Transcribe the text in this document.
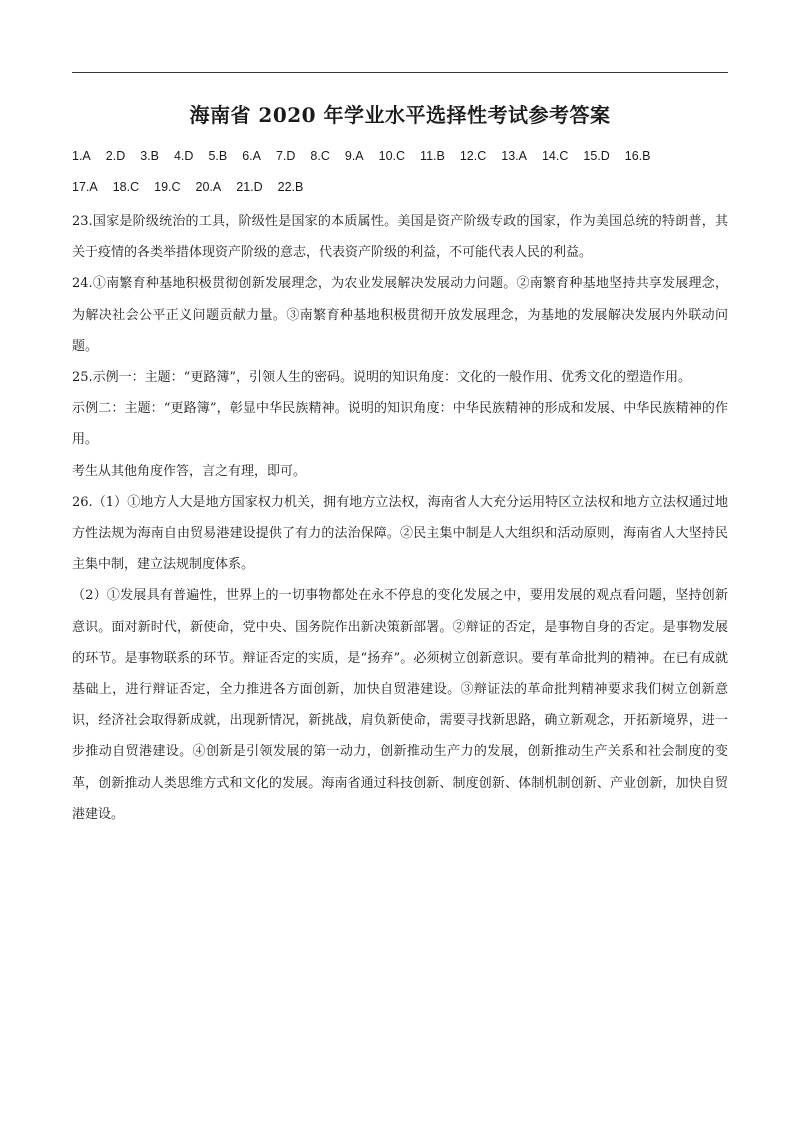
海南省 2020 年学业水平选择性考试参考答案
1.A 2.D 3.B 4.D 5.B 6.A 7.D 8.C 9.A 10.C 11.B 12.C 13.A 14.C 15.D 16.B
17.A 18.C 19.C 20.A 21.D 22.B

23.国家是阶级统治的工具，阶级性是国家的本质属性。美国是资产阶级专政的国家，作为美国总统的特朗普，其关于疫情的各类举措体现资产阶级的意志，代表资产阶级的利益，不可能代表人民的利益。

24.①南繁育种基地积极贯彻创新发展理念，为农业发展解决发展动力问题。②南繁育种基地坚持共享发展理念，为解决社会公平正义问题贡献力量。③南繁育种基地积极贯彻开放发展理念，为基地的发展解决发展内外联动问题。

25.示例一：主题：“更路簿”，引领人生的密码。说明的知识角度：文化的一般作用、优秀文化的塑造作用。

示例二：主题：“更路簿”，彰显中华民族精神。说明的知识角度：中华民族精神的形成和发展、中华民族精神的作用。

考生从其他角度作答，言之有理，即可。

26.（1）①地方人大是地方国家权力机关，拥有地方立法权，海南省人大充分运用特区立法权和地方立法权通过地方性法规为海南自由贸易港建设提供了有力的法治保障。②民主集中制是人大组织和活动原则，海南省人大坚持民主集中制，建立法规制度体系。

（2）①发展具有普遍性，世界上的一切事物都处在永不停息的变化发展之中，要用发展的观点看问题，坚持创新意识。面对新时代，新使命，党中央、国务院作出新决策新部署。②辩证的否定，是事物自身的否定。是事物发展的环节。是事物联系的环节。辩证否定的实质，是“扬弃”。必须树立创新意识。要有革命批判的精神。在已有成就基础上，进行辩证否定，全力推进各方面创新，加快自贸港建设。③辩证法的革命批判精神要求我们树立创新意识，经济社会取得新成就，出现新情况，新挑战，肩负新使命，需要寻找新思路，确立新观念，开拓新境界，进一步推动自贸港建设。④创新是引领发展的第一动力，创新推动生产力的发展，创新推动生产关系和社会制度的变革，创新推动人类思维方式和文化的发展。海南省通过科技创新、制度创新、体制机制创新、产业创新，加快自贸港建设。
